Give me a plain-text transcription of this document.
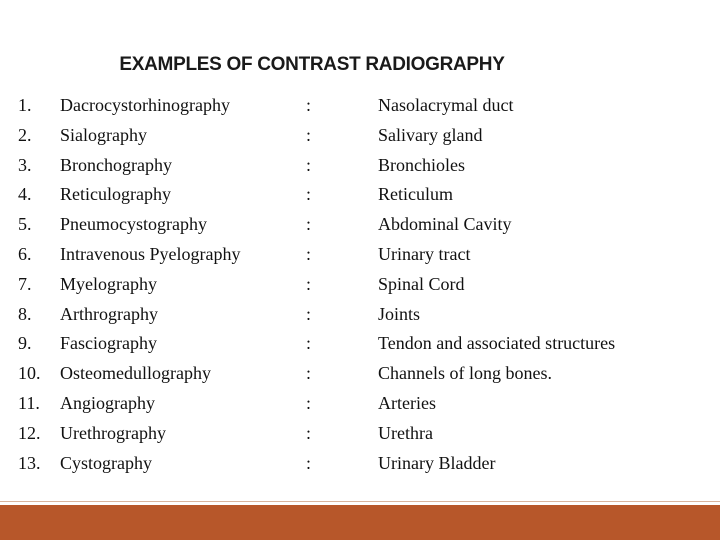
EXAMPLES OF CONTRAST RADIOGRAPHY
1. Dacrocystorhinography	:	Nasolacrymal duct
2. Sialography	:	Salivary gland
3. Bronchography	:	Bronchioles
4. Reticulography	:	Reticulum
5. Pneumocystography	:	Abdominal Cavity
6. Intravenous Pyelography	:	Urinary tract
7. Myelography	:	Spinal Cord
8. Arthrography	:	Joints
9. Fasciography	:	Tendon and associated structures
10. Osteomedullography	:	Channels of long bones.
11. Angiography	:	Arteries
12. Urethrography	:	Urethra
13. Cystography	:	Urinary Bladder
